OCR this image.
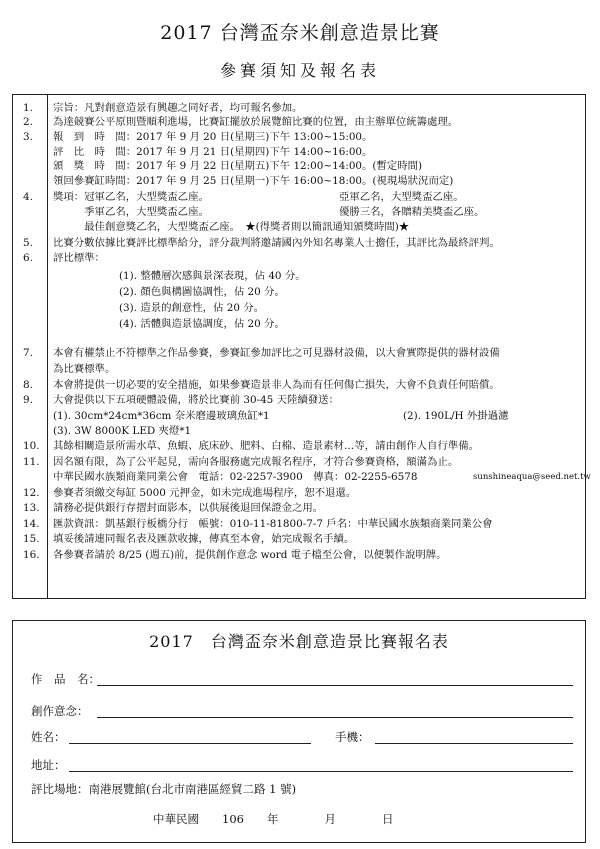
2017 台灣盃奈米創意造景比賽
參賽須知及報名表
1.	宗旨：凡對創意造景有興趣之同好者，均可報名參加。
2.	為達競賽公平原則暨順利進場，比賽缸擺放於展覽館比賽的位置，由主辦單位統籌處理。
3.	報　到　時　間：2017 年 9 月 20 日(星期三)下午 13:00~15:00。
評　比　時　間：2017 年 9 月 21 日(星期四)下午 14:00~16:00。
頒　獎　時　間：2017 年 9 月 22 日(星期五)下午 12:00~14:00。(暫定時間)
領回參賽缸時間：2017 年 9 月 25 日(星期一)下午 16:00~18:00。(視現場狀況而定)
4.	獎項：冠軍乙名，大型獎盃乙座。	亞軍乙名，大型獎盃乙座。
　　　季軍乙名，大型獎盃乙座。	優勝三名，各贈精美獎盃乙座。
　　　最佳創意獎乙名，大型獎盃乙座。　★(得獎者則以簡訊通知頒獎時間)★
5.	比賽分數依據比賽評比標準給分，評分裁判將邀請國內外知名專業人士擔任，其評比為最終評判。
6.	評比標準：
(1). 整體層次感與景深表現，佔 40 分。
(2). 顏色與構圖協調性，佔 20 分。
(3). 造景的創意性，佔 20 分。
(4). 活體與造景協調度，佔 20 分。
7.	本會有權禁止不符標準之作品參賽，參賽缸參加評比之可見器材設備，以大會實際提供的器材設備
為比賽標準。
8.	本會將提供一切必要的安全措施，如果參賽造景非人為而有任何傷亡損失，大會不負責任何賠償。
9.	大會提供以下五項硬體設備，將於比賽前 30-45 天陸續發送：
(1). 30cm*24cm*36cm 奈米磨邊玻璃魚缸*1	(2). 190L/H 外掛過濾
(3). 3W 8000K LED 夾燈*1
10.	其餘相關造景所需水草、魚蝦、底床砂、肥料、白棉、造景素材…等，請由創作人自行準備。
11.	因名額有限，為了公平起見，需向各服務處完成報名程序，才符合參賽資格，額滿為止。
中華民國水族類商業同業公會　電話：02-2257-3900　傳真：02-2255-6578	sunshineaqua@seed.net.tw
12.	參賽者須繳交每缸 5000 元押金，如未完成進場程序，恕不退還。
13.	請務必提供銀行存摺封面影本，以供展後退回保證金之用。
14.	匯款資訊：凱基銀行板橋分行　帳號：010-11-81800-7-7 戶名：中華民國水族類商業同業公會
15.	填妥後請連同報名表及匯款收據，傳真至本會，始完成報名手續。
16.	各參賽者請於 8/25 (週五)前，提供創作意念 word 電子檔至公會，以便製作說明牌。
2017　台灣盃奈米創意造景比賽報名表
作　品　名：
創作意念：
姓名：	手機：
地址：
評比場地：南港展覽館(台北市南港區經貿二路 1 號)
中華民國　　106　　年　　　　月　　　　日
